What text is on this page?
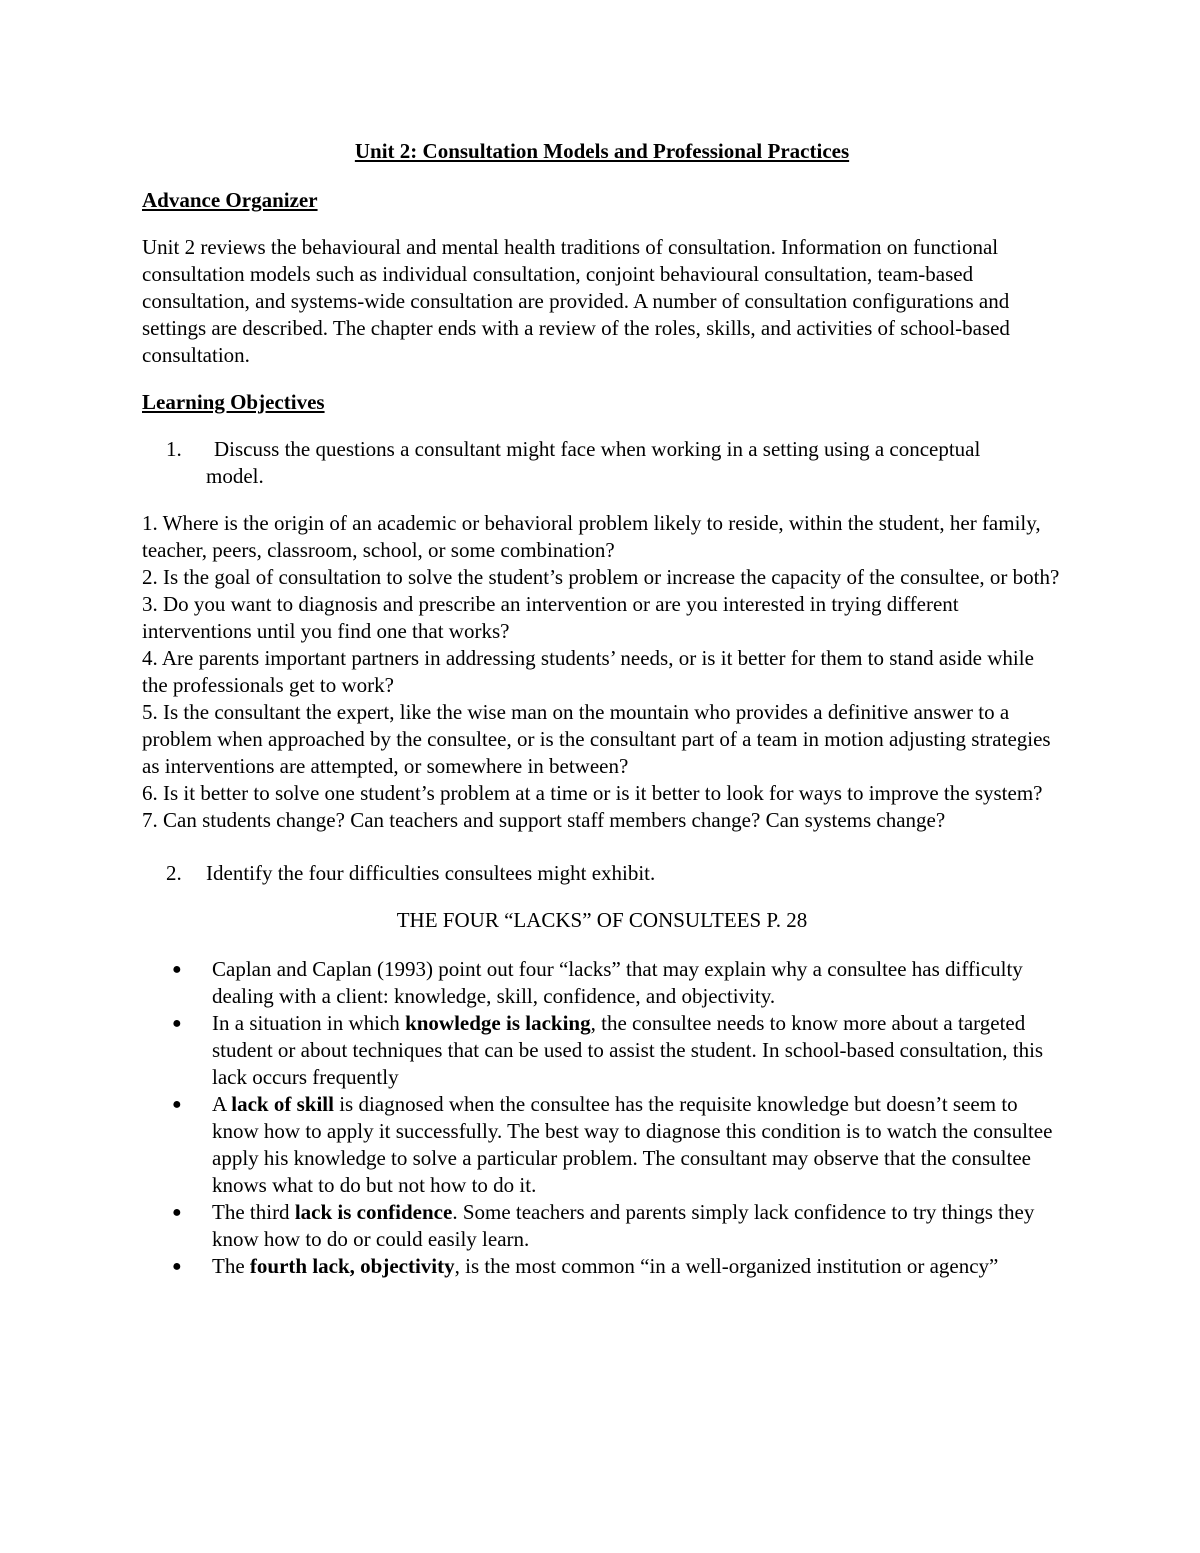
Unit 2: Consultation Models and Professional Practices
Advance Organizer
Unit 2 reviews the behavioural and mental health traditions of consultation. Information on functional consultation models such as individual consultation, conjoint behavioural consultation, team-based consultation, and systems-wide consultation are provided. A number of consultation configurations and settings are described. The chapter ends with a review of the roles, skills, and activities of school-based consultation.
Learning Objectives
1.	Discuss the questions a consultant might face when working in a setting using a conceptual model.
1. Where is the origin of an academic or behavioral problem likely to reside, within the student, her family, teacher, peers, classroom, school, or some combination?
2. Is the goal of consultation to solve the student’s problem or increase the capacity of the consultee, or both?
3. Do you want to diagnosis and prescribe an intervention or are you interested in trying different interventions until you find one that works?
4. Are parents important partners in addressing students’ needs, or is it better for them to stand aside while the professionals get to work?
5. Is the consultant the expert, like the wise man on the mountain who provides a definitive answer to a problem when approached by the consultee, or is the consultant part of a team in motion adjusting strategies as interventions are attempted, or somewhere in between?
6. Is it better to solve one student’s problem at a time or is it better to look for ways to improve the system?
7. Can students change? Can teachers and support staff members change? Can systems change?
2.	Identify the four difficulties consultees might exhibit.
THE FOUR “LACKS” OF CONSULTEES P. 28
●	Caplan and Caplan (1993) point out four “lacks” that may explain why a consultee has difficulty dealing with a client: knowledge, skill, confidence, and objectivity.
●	In a situation in which knowledge is lacking, the consultee needs to know more about a targeted student or about techniques that can be used to assist the student. In school-based consultation, this lack occurs frequently
●	A lack of skill is diagnosed when the consultee has the requisite knowledge but doesn’t seem to know how to apply it successfully. The best way to diagnose this condition is to watch the consultee apply his knowledge to solve a particular problem. The consultant may observe that the consultee knows what to do but not how to do it.
●	The third lack is confidence. Some teachers and parents simply lack confidence to try things they know how to do or could easily learn.
●	The fourth lack, objectivity, is the most common “in a well-organized institution or agency”
